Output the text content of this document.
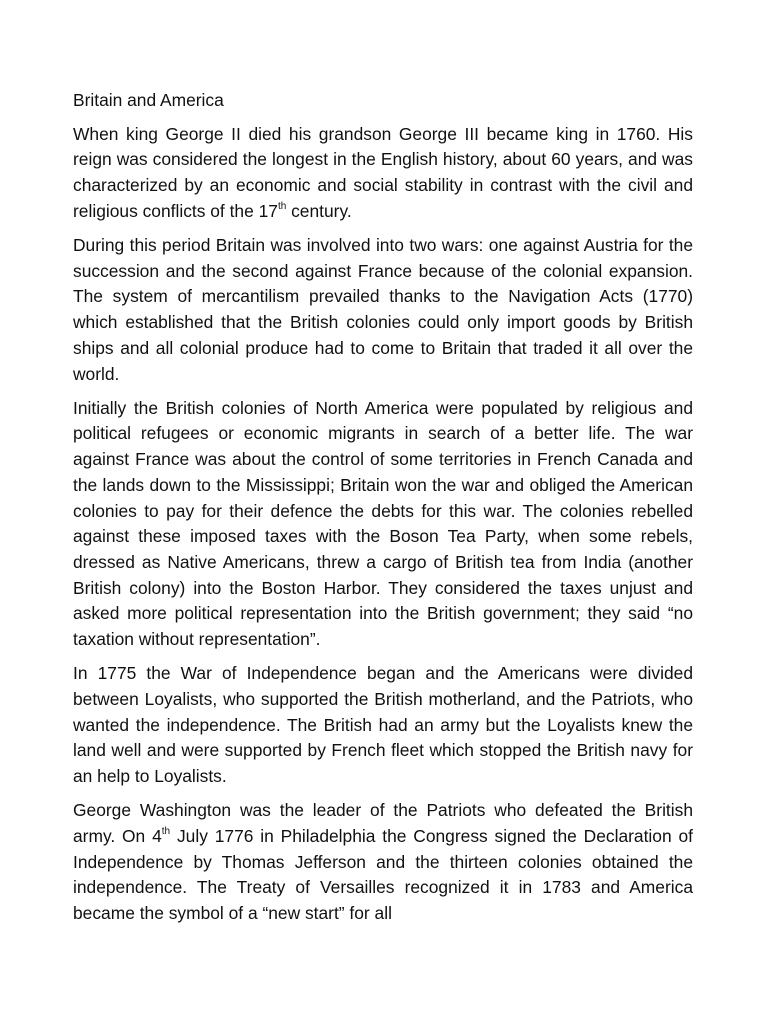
Britain and America

When king George II died his grandson George III became king in 1760. His reign was considered the longest in the English history, about 60 years, and was characterized by an economic and social stability in contrast with the civil and religious conflicts of the 17th century.

During this period Britain was involved into two wars: one against Austria for the succession and the second against France because of the colonial expansion. The system of mercantilism prevailed thanks to the Navigation Acts (1770) which established that the British colonies could only import goods by British ships and all colonial produce had to come to Britain that traded it all over the world.

Initially the British colonies of North America were populated by religious and political refugees or economic migrants in search of a better life. The war against France was about the control of some territories in French Canada and the lands down to the Mississippi; Britain won the war and obliged the American colonies to pay for their defence the debts for this war. The colonies rebelled against these imposed taxes with the Boson Tea Party, when some rebels, dressed as Native Americans, threw a cargo of British tea from India (another British colony) into the Boston Harbor. They considered the taxes unjust and asked more political representation into the British government; they said “no taxation without representation”.

In 1775 the War of Independence began and the Americans were divided between Loyalists, who supported the British motherland, and the Patriots, who wanted the independence. The British had an army but the Loyalists knew the land well and were supported by French fleet which stopped the British navy for an help to Loyalists.

George Washington was the leader of the Patriots who defeated the British army. On 4th July 1776 in Philadelphia the Congress signed the Declaration of Independence by Thomas Jefferson and the thirteen colonies obtained the independence. The Treaty of Versailles recognized it in 1783 and America became the symbol of a “new start” for all
